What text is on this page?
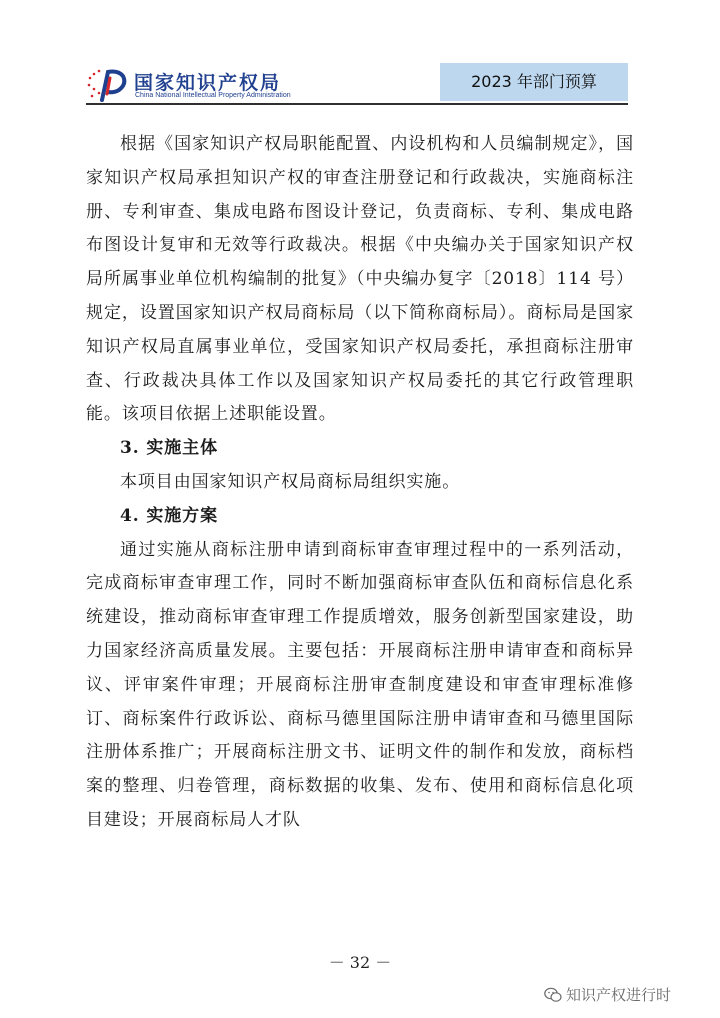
国家知识产权局
China National Intellectual Property Administration
2023 年部门预算

根据《国家知识产权局职能配置、内设机构和人员编制规定》，国家知识产权局承担知识产权的审查注册登记和行政裁决，实施商标注册、专利审查、集成电路布图设计登记，负责商标、专利、集成电路布图设计复审和无效等行政裁决。根据《中央编办关于国家知识产权局所属事业单位机构编制的批复》（中央编办复字〔2018〕114 号）规定，设置国家知识产权局商标局（以下简称商标局）。商标局是国家知识产权局直属事业单位，受国家知识产权局委托，承担商标注册审查、行政裁决具体工作以及国家知识产权局委托的其它行政管理职能。该项目依据上述职能设置。

3. 实施主体

本项目由国家知识产权局商标局组织实施。

4. 实施方案

通过实施从商标注册申请到商标审查审理过程中的一系列活动，完成商标审查审理工作，同时不断加强商标审查队伍和商标信息化系统建设，推动商标审查审理工作提质增效，服务创新型国家建设，助力国家经济高质量发展。主要包括：开展商标注册申请审查和商标异议、评审案件审理；开展商标注册审查制度建设和审查审理标准修订、商标案件行政诉讼、商标马德里国际注册申请审查和马德里国际注册体系推广；开展商标注册文书、证明文件的制作和发放，商标档案的整理、归卷管理，商标数据的收集、发布、使用和商标信息化项目建设；开展商标局人才队

－ 32 －
知识产权进行时
